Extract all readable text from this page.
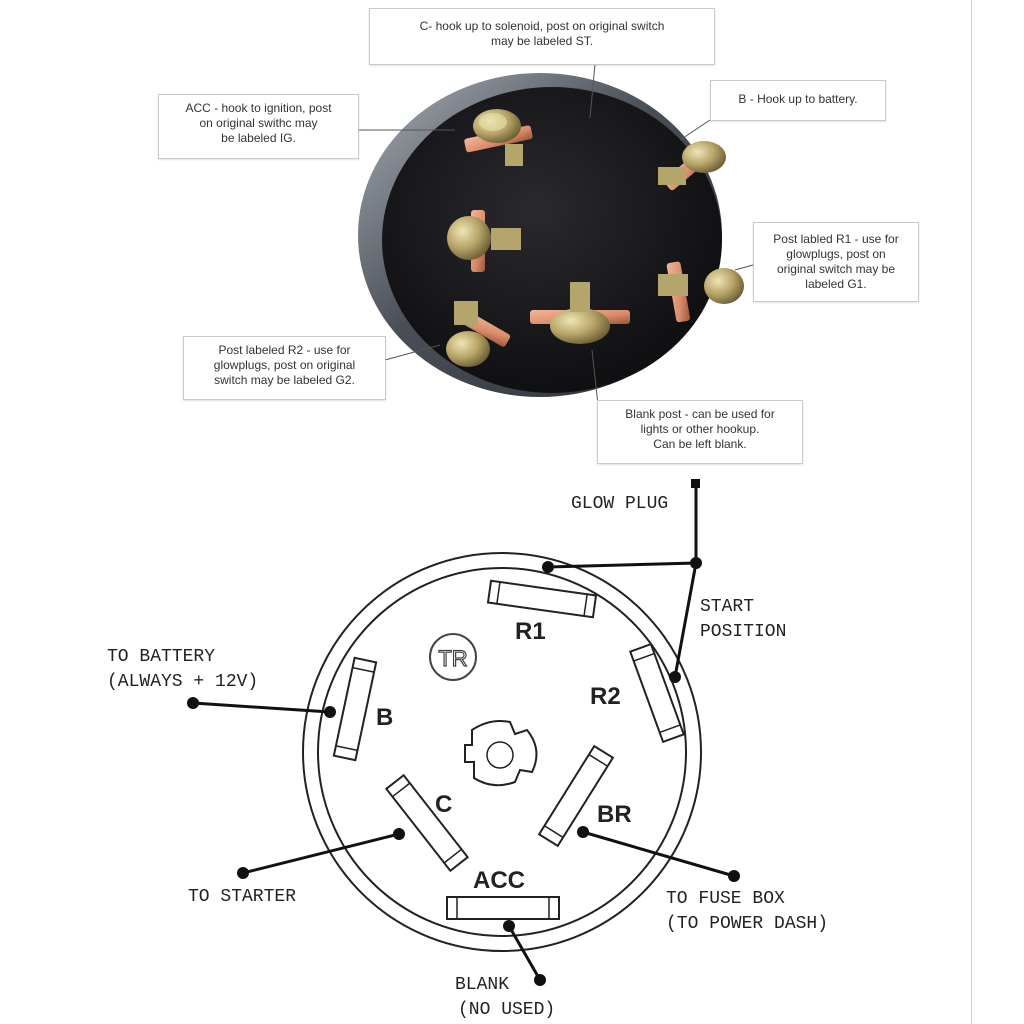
C- hook up to solenoid, post on original switch
may be labeled ST.
ACC - hook to ignition, post
on original swithc may
be labeled IG.
B - Hook up to battery.
Post labled R1 - use for
glowplugs, post on
original switch may be
labeled G1.
Post labeled R2 - use for
glowplugs, post on original
switch may be labeled G2.
Blank post - can be used for
lights or other hookup.
Can be left blank.
TR
R1
R2
B
C	BR
ACC
GLOW PLUG
START
POSITION
TO BATTERY
(ALWAYS + 12V)
TO STARTER	TO FUSE BOX
(TO POWER DASH)
BLANK
(NO USED)
